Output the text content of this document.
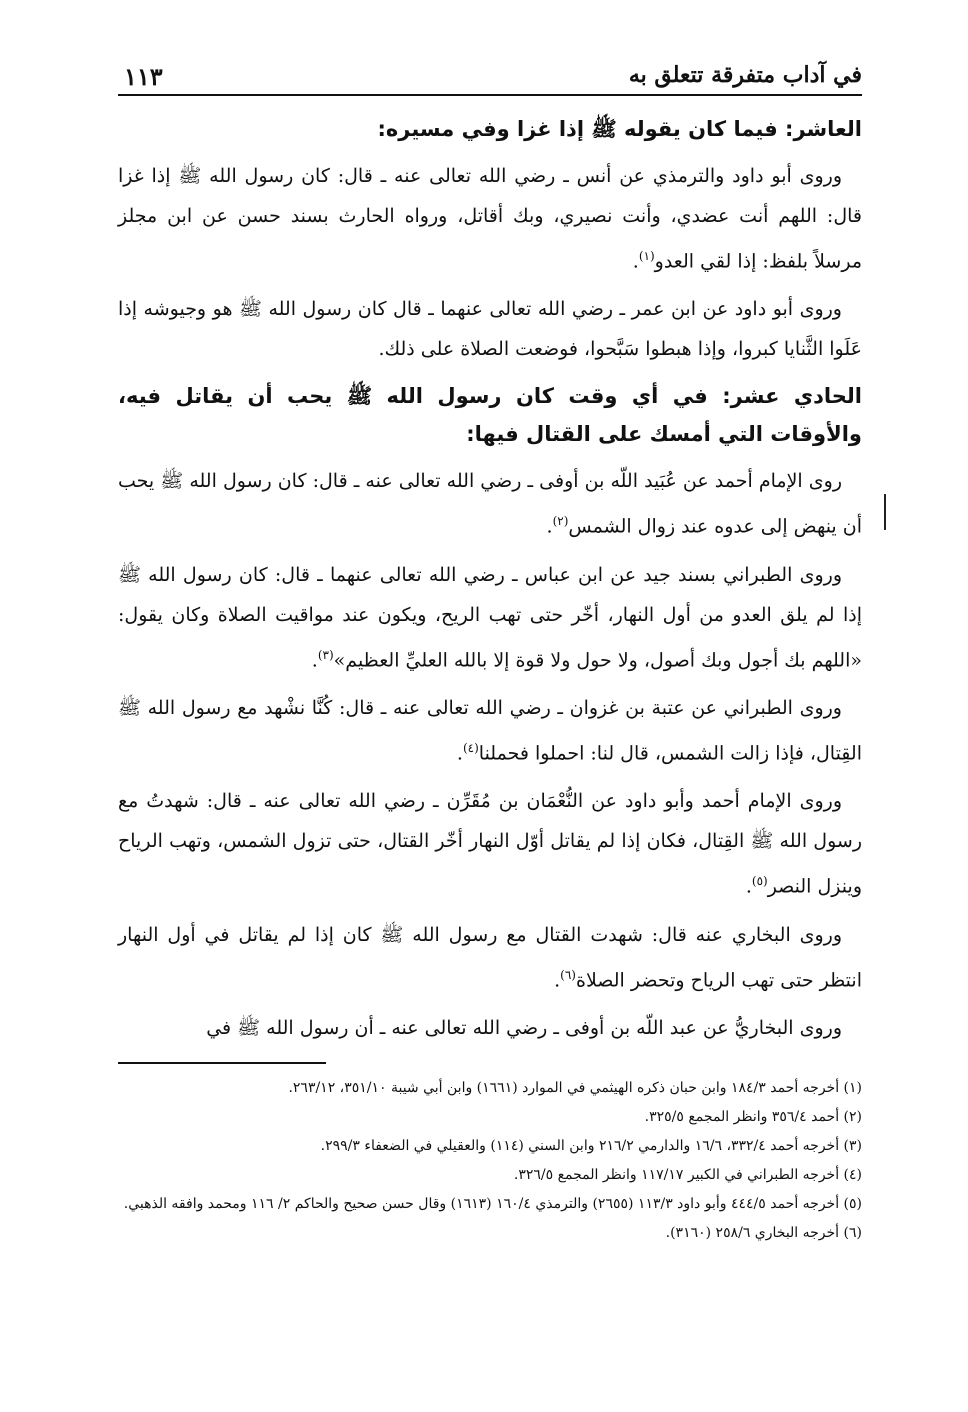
في آداب متفرقة تتعلق به
١١٣
العاشر: فيما كان يقوله ﷺ إذا غزا وفي مسيره:

وروى أبو داود والترمذي عن أنس ـ رضي الله تعالى عنه ـ قال: كان رسول الله ﷺ إذا غزا قال: اللهم أنت عضدي، وأنت نصيري، وبك أقاتل، ورواه الحارث بسند حسن عن ابن مجلز مرسلاً بلفظ: إذا لقي العدو$^{(١)}$.

وروى أبو داود عن ابن عمر ـ رضي الله تعالى عنهما ـ قال كان رسول الله ﷺ هو وجيوشه إذا عَلَوا الثَّنايا كبروا، وإذا هبطوا سَبَّحوا، فوضعت الصلاة على ذلك.

الحادي عشر: في أي وقت كان رسول الله ﷺ يحب أن يقاتل فيه، والأوقات التي أمسك على القتال فيها:

روى الإمام أحمد عن عُبَيد اللّه بن أوفى ـ رضي الله تعالى عنه ـ قال: كان رسول الله ﷺ يحب أن ينهض إلى عدوه عند زوال الشمس$^{(٢)}$.

وروى الطبراني بسند جيد عن ابن عباس ـ رضي الله تعالى عنهما ـ قال: كان رسول الله ﷺ إذا لم يلق العدو من أول النهار، أخّر حتى تهب الريح، ويكون عند مواقيت الصلاة وكان يقول: «اللهم بك أجول وبك أصول، ولا حول ولا قوة إلا بالله العليِّ العظيم»$^{(٣)}$.

وروى الطبراني عن عتبة بن غزوان ـ رضي الله تعالى عنه ـ قال: كُنَّا نشْهد مع رسول الله ﷺ القِتال، فإذا زالت الشمس، قال لنا: احملوا فحملنا$^{(٤)}$.

وروى الإمام أحمد وأبو داود عن النُّعْمَان بن مُقَرِّن ـ رضي الله تعالى عنه ـ قال: شهدتُ مع رسول الله ﷺ القِتال، فكان إذا لم يقاتل أوّل النهار أخّر القتال، حتى تزول الشمس، وتهب الرياح وينزل النصر$^{(٥)}$.

وروى البخاري عنه قال: شهدت القتال مع رسول الله ﷺ كان إذا لم يقاتل في أول النهار انتظر حتى تهب الرياح وتحضر الصلاة$^{(٦)}$.

وروى البخاريُّ عن عبد اللّه بن أوفى ـ رضي الله تعالى عنه ـ أن رسول الله ﷺ في

(١) أخرجه أحمد ١٨٤/٣ وابن حبان ذكره الهيثمي في الموارد (١٦٦١) وابن أبي شيبة ٣٥١/١٠، ٢٦٣/١٢.
(٢) أحمد ٣٥٦/٤ وانظر المجمع ٣٢٥/٥.
(٣) أخرجه أحمد ٣٣٢/٤، ١٦/٦ والدارمي ٢١٦/٢ وابن السني (١١٤) والعقيلي في الضعفاء ٢٩٩/٣.
(٤) أخرجه الطبراني في الكبير ١١٧/١٧ وانظر المجمع ٣٢٦/٥.
(٥) أخرجه أحمد ٤٤٤/٥ وأبو داود ١١٣/٣ (٢٦٥٥) والترمذي ١٦٠/٤ (١٦١٣) وقال حسن صحيح والحاكم ٢/ ١١٦ ومحمد وافقه الذهبي.
(٦) أخرجه البخاري ٢٥٨/٦ (٣١٦٠).
